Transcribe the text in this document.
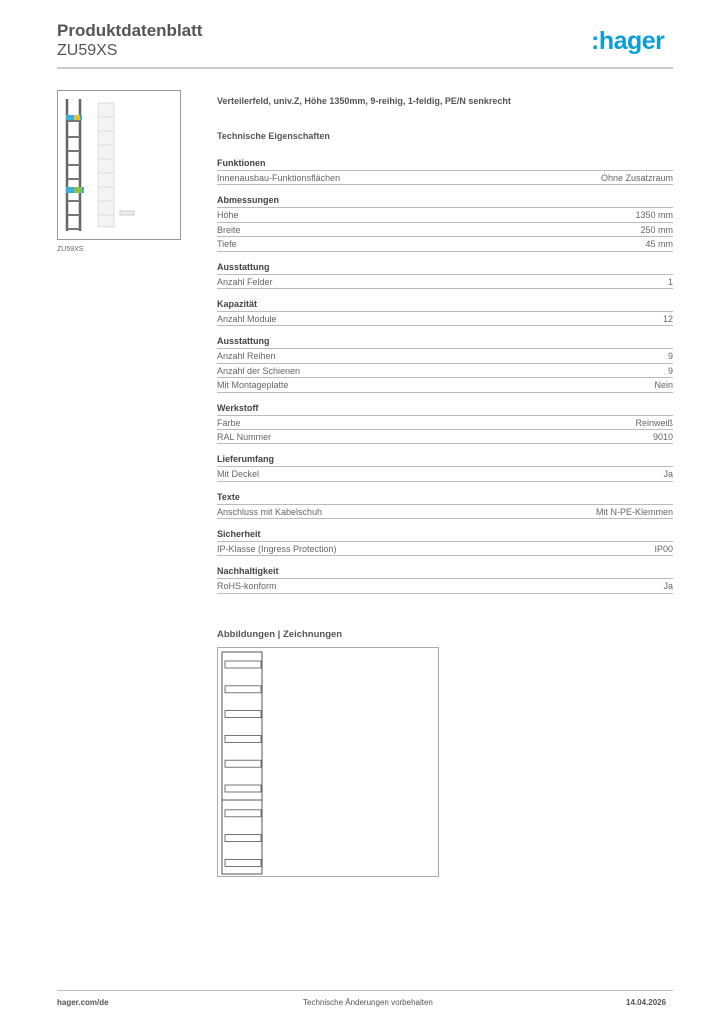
Produktdatenblatt
ZU59XS	:hager
ZU59XS
Verteilerfeld, univ.Z, Höhe 1350mm, 9-reihig, 1-feldig, PE/N senkrecht
Technische Eigenschaften
Funktionen
Innenausbau-Funktionsflächen	Ohne Zusatzraum
Abmessungen
Höhe	1350 mm
Breite	250 mm
Tiefe	45 mm
Ausstattung
Anzahl Felder	1
Kapazität
Anzahl Module	12
Ausstattung
Anzahl Reihen	9
Anzahl der Schienen	9
Mit Montageplatte	Nein
Werkstoff
Farbe	Reinweiß
RAL Nummer	9010
Lieferumfang
Mit Deckel	Ja
Texte
Anschluss mit Kabelschuh	Mit N-PE-Klemmen
Sicherheit
IP-Klasse (Ingress Protection)	IP00
Nachhaltigkeit
RoHS-konform	Ja
Abbildungen | Zeichnungen
hager.com/de	Technische Änderungen vorbehalten	14.04.2026
